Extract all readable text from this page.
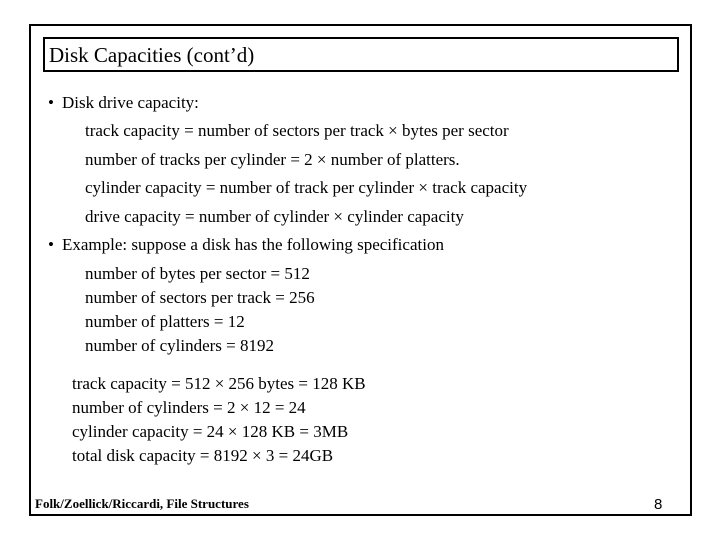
Disk Capacities (cont’d)
• Disk drive capacity:
track capacity = number of sectors per track × bytes per sector
number of tracks per cylinder = 2 × number of platters.
cylinder capacity = number of track per cylinder × track capacity
drive capacity = number of cylinder × cylinder capacity
• Example: suppose a disk has the following specification
number of bytes per sector = 512
number of sectors per track = 256
number of platters = 12
number of cylinders = 8192
track capacity = 512 × 256 bytes = 128 KB
number of cylinders = 2 × 12 = 24
cylinder capacity = 24 × 128 KB = 3MB
total disk capacity = 8192 × 3 = 24GB
Folk/Zoellick/Riccardi, File Structures	8
